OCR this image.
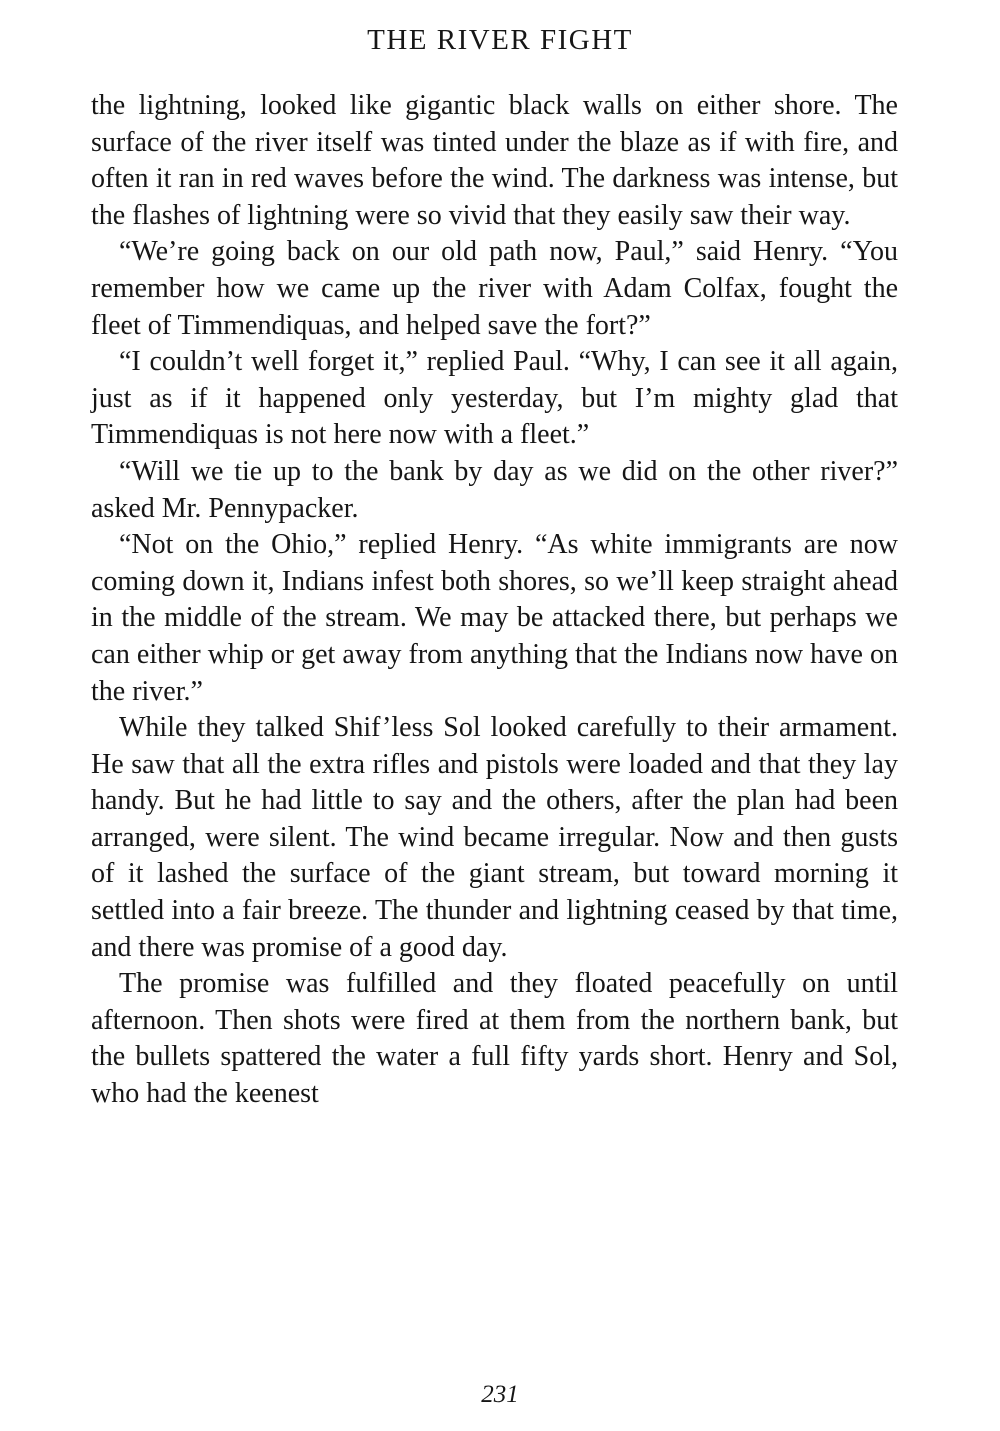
THE RIVER FIGHT

the lightning, looked like gigantic black walls on either shore. The surface of the river itself was tinted under the blaze as if with fire, and often it ran in red waves before the wind. The darkness was intense, but the flashes of lightning were so vivid that they easily saw their way.

“We’re going back on our old path now, Paul,” said Henry. “You remember how we came up the river with Adam Colfax, fought the fleet of Timmendiquas, and helped save the fort?”

“I couldn’t well forget it,” replied Paul. “Why, I can see it all again, just as if it happened only yesterday, but I’m mighty glad that Timmendiquas is not here now with a fleet.”

“Will we tie up to the bank by day as we did on the other river?” asked Mr. Pennypacker.

“Not on the Ohio,” replied Henry. “As white immigrants are now coming down it, Indians infest both shores, so we’ll keep straight ahead in the middle of the stream. We may be attacked there, but perhaps we can either whip or get away from anything that the Indians now have on the river.”

While they talked Shif’less Sol looked carefully to their armament. He saw that all the extra rifles and pistols were loaded and that they lay handy. But he had little to say and the others, after the plan had been arranged, were silent. The wind became irregular. Now and then gusts of it lashed the surface of the giant stream, but toward morning it settled into a fair breeze. The thunder and lightning ceased by that time, and there was promise of a good day.

The promise was fulfilled and they floated peacefully on until afternoon. Then shots were fired at them from the northern bank, but the bullets spattered the water a full fifty yards short. Henry and Sol, who had the keenest

231
